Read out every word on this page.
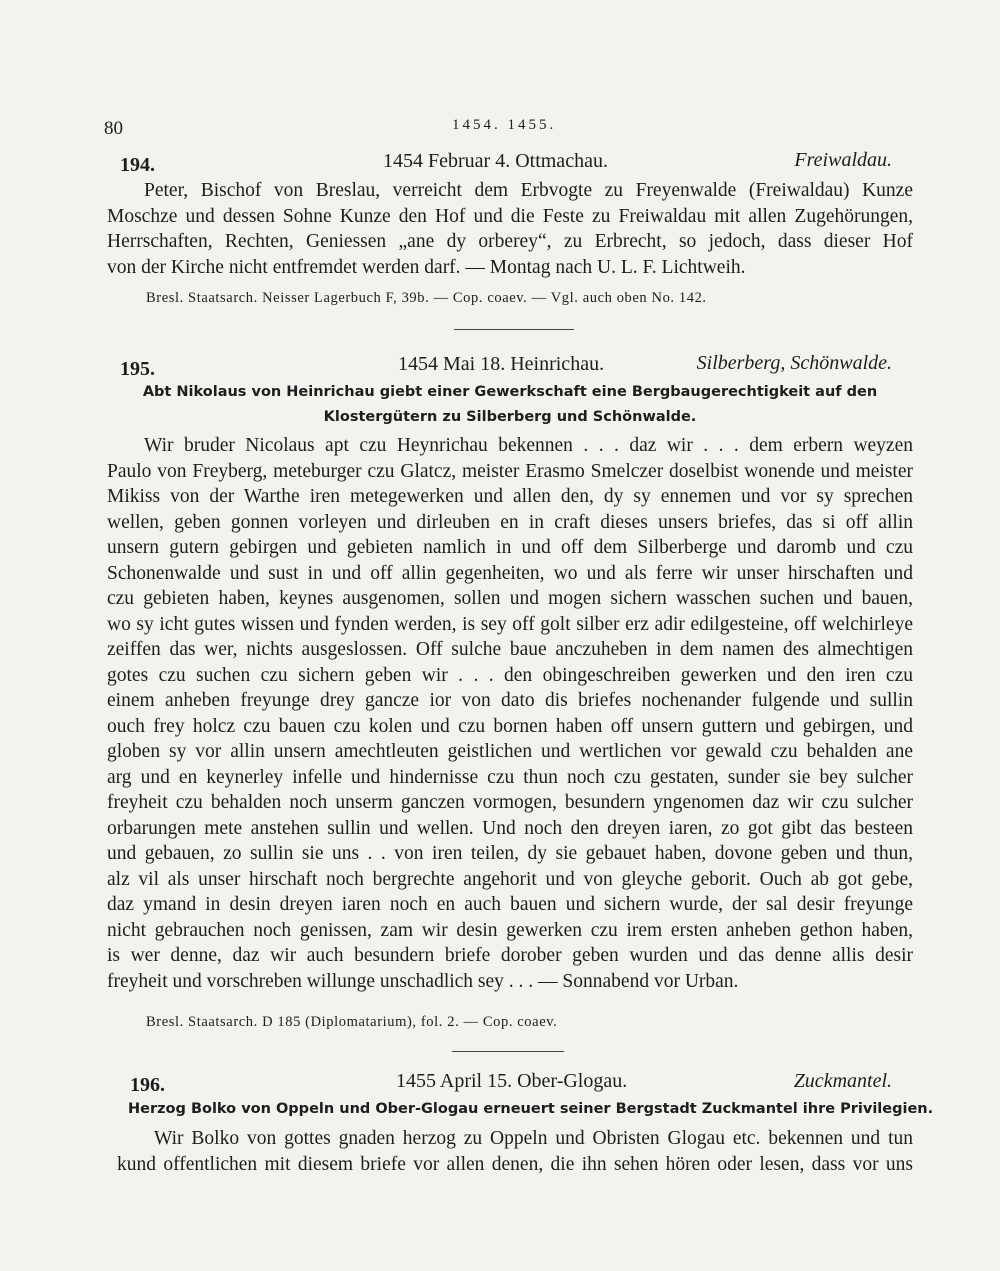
80	1454. 1455.
194.	1454 Februar 4. Ottmachau.	Freiwaldau.

Peter, Bischof von Breslau, verreicht dem Erbvogte zu Freyenwalde (Freiwaldau) Kunze

Moschze und dessen Sohne Kunze den Hof und die Feste zu Freiwaldau mit allen Zugehörungen,

Herrschaften, Rechten, Geniessen „ane dy orberey“, zu Erbrecht, so jedoch, dass dieser Hof

von der Kirche nicht entfremdet werden darf. — Montag nach U. L. F. Lichtweih.

Bresl. Staatsarch. Neisser Lagerbuch F, 39b. — Cop. coaev. — Vgl. auch oben No. 142.
195.	1454 Mai 18. Heinrichau.	Silberberg, Schönwalde.
Abt Nikolaus von Heinrichau giebt einer Gewerkschaft eine Bergbaugerechtigkeit auf den
Klostergütern zu Silberberg und Schönwalde.

Wir bruder Nicolaus apt czu Heynrichau bekennen . . . daz wir . . . dem erbern weyzen

Paulo von Freyberg, meteburger czu Glatcz, meister Erasmo Smelczer doselbist wonende und meister

Mikiss von der Warthe iren metegewerken und allen den, dy sy ennemen und vor sy sprechen

wellen, geben gonnen vorleyen und dirleuben en in craft dieses unsers briefes, das si off allin

unsern gutern gebirgen und gebieten namlich in und off dem Silberberge und daromb und czu

Schonenwalde und sust in und off allin gegenheiten, wo und als ferre wir unser hirschaften und

czu gebieten haben, keynes ausgenomen, sollen und mogen sichern wasschen suchen und bauen,

wo sy icht gutes wissen und fynden werden, is sey off golt silber erz adir edilgesteine, off welchirleye

zeiffen das wer, nichts ausgeslossen. Off sulche baue anczuheben in dem namen des almechtigen

gotes czu suchen czu sichern geben wir . . . den obingeschreiben gewerken und den iren czu

einem anheben freyunge drey gancze ior von dato dis briefes nochenander fulgende und sullin

ouch frey holcz czu bauen czu kolen und czu bornen haben off unsern guttern und gebirgen, und

globen sy vor allin unsern amechtleuten geistlichen und wertlichen vor gewald czu behalden ane

arg und en keynerley infelle und hindernisse czu thun noch czu gestaten, sunder sie bey sulcher

freyheit czu behalden noch unserm ganczen vormogen, besundern yngenomen daz wir czu sulcher

orbarungen mete anstehen sullin und wellen. Und noch den dreyen iaren, zo got gibt das besteen

und gebauen, zo sullin sie uns . . von iren teilen, dy sie gebauet haben, dovone geben und thun,

alz vil als unser hirschaft noch bergrechte angehorit und von gleyche geborit. Ouch ab got gebe,

daz ymand in desin dreyen iaren noch en auch bauen und sichern wurde, der sal desir freyunge

nicht gebrauchen noch genissen, zam wir desin gewerken czu irem ersten anheben gethon haben,

is wer denne, daz wir auch besundern briefe dorober geben wurden und das denne allis desir

freyheit und vorschreben willunge unschadlich sey . . . — Sonnabend vor Urban.

Bresl. Staatsarch. D 185 (Diplomatarium), fol. 2. — Cop. coaev.
196.	1455 April 15. Ober-Glogau.	Zuckmantel.
Herzog Bolko von Oppeln und Ober-Glogau erneuert seiner Bergstadt Zuckmantel ihre Privilegien.

Wir Bolko von gottes gnaden herzog zu Oppeln und Obristen Glogau etc. bekennen und tun

kund offentlichen mit diesem briefe vor allen denen, die ihn sehen hören oder lesen, dass vor uns
